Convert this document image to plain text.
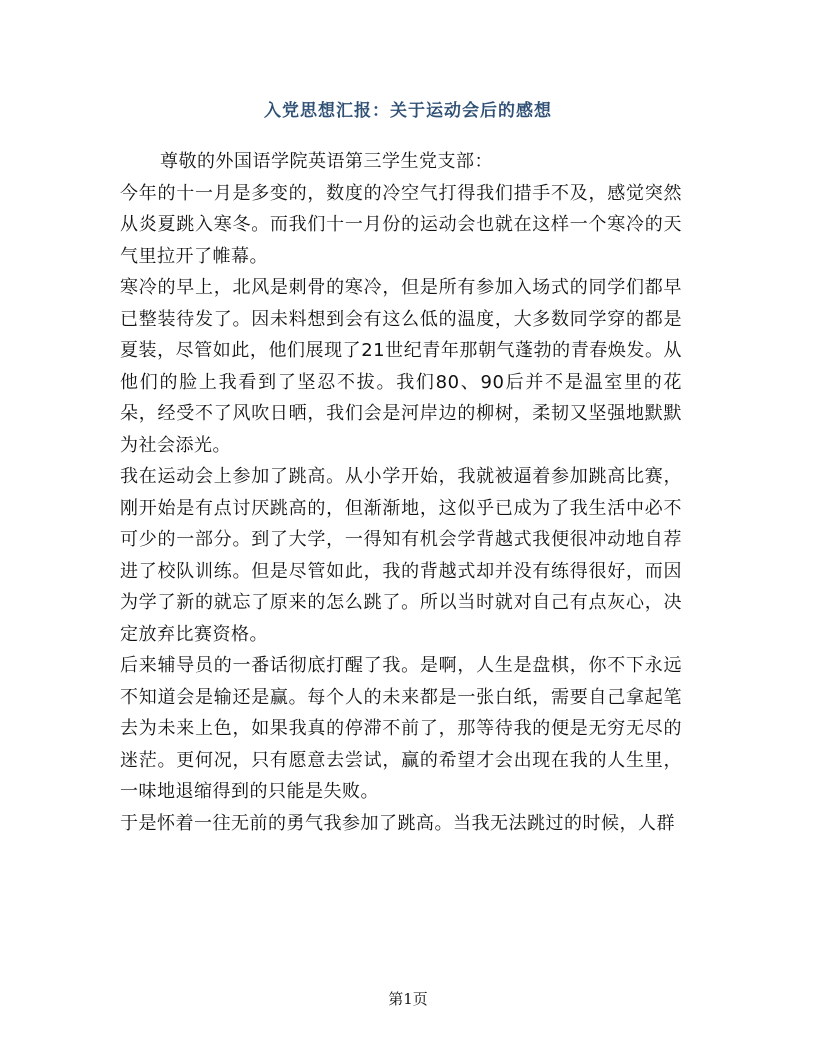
入党思想汇报：关于运动会后的感想

尊敬的外国语学院英语第三学生党支部：

今年的十一月是多变的，数度的冷空气打得我们措手不及，感觉突然从炎夏跳入寒冬。而我们十一月份的运动会也就在这样一个寒冷的天气里拉开了帷幕。

寒冷的早上，北风是刺骨的寒冷，但是所有参加入场式的同学们都早已整装待发了。因未料想到会有这么低的温度，大多数同学穿的都是夏装，尽管如此，他们展现了21世纪青年那朝气蓬勃的青春焕发。从他们的脸上我看到了坚忍不拔。我们80、90后并不是温室里的花朵，经受不了风吹日晒，我们会是河岸边的柳树，柔韧又坚强地默默为社会添光。

我在运动会上参加了跳高。从小学开始，我就被逼着参加跳高比赛，刚开始是有点讨厌跳高的，但渐渐地，这似乎已成为了我生活中必不可少的一部分。到了大学，一得知有机会学背越式我便很冲动地自荐进了校队训练。但是尽管如此，我的背越式却并没有练得很好，而因为学了新的就忘了原来的怎么跳了。所以当时就对自己有点灰心，决定放弃比赛资格。

后来辅导员的一番话彻底打醒了我。是啊，人生是盘棋，你不下永远不知道会是输还是赢。每个人的未来都是一张白纸，需要自己拿起笔去为未来上色，如果我真的停滞不前了，那等待我的便是无穷无尽的迷茫。更何况，只有愿意去尝试，赢的希望才会出现在我的人生里，一味地退缩得到的只能是失败。

于是怀着一往无前的勇气我参加了跳高。当我无法跳过的时候，人群

第1页
